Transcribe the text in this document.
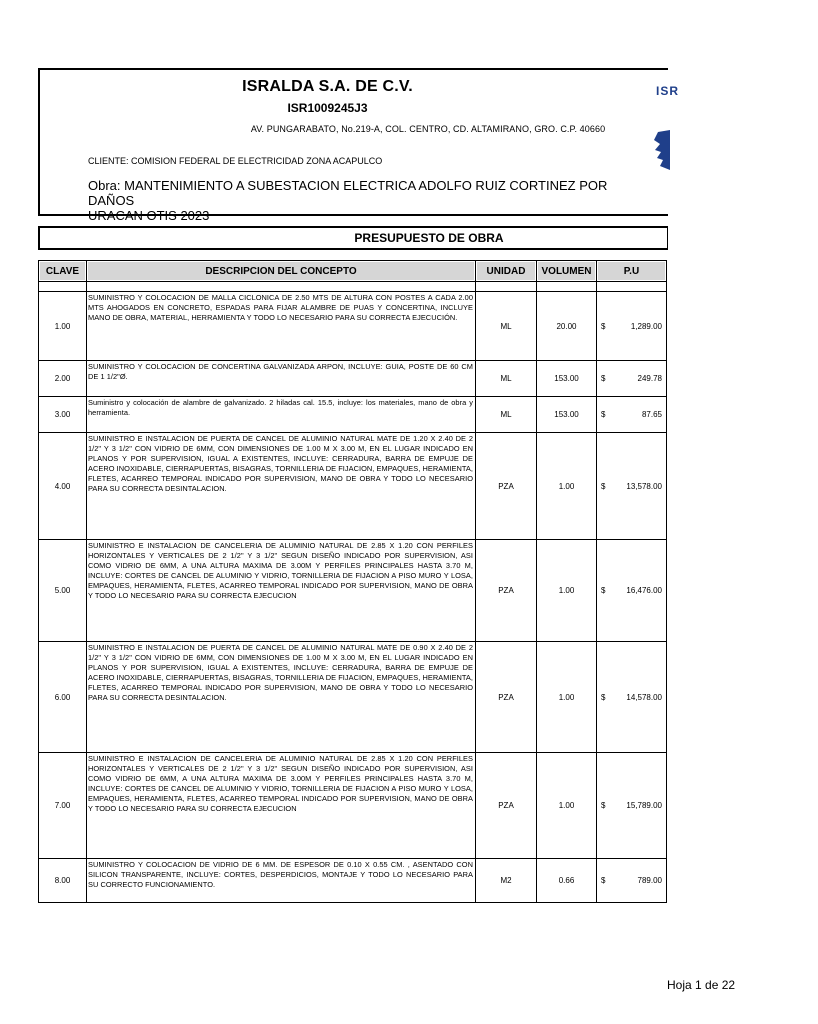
ISRALDA S.A. DE C.V.
ISR1009245J3
AV. PUNGARABATO, No.219-A, COL. CENTRO, CD. ALTAMIRANO, GRO. C.P. 40660
CLIENTE: COMISION FEDERAL DE ELECTRICIDAD ZONA ACAPULCO
Obra: MANTENIMIENTO A SUBESTACION ELECTRICA ADOLFO RUIZ CORTINEZ POR DAÑOS
URACAN OTIS 2023
ISR
PRESUPUESTO DE OBRA
CLAVE	DESCRIPCION DEL CONCEPTO	UNIDAD	VOLUMEN	P.U

1.00	SUMINISTRO Y COLOCACION DE MALLA CICLONICA DE 2.50 MTS DE ALTURA CON POSTES A CADA 2.00 MTS AHOGADOS EN CONCRETO, ESPADAS PARA FIJAR ALAMBRE DE PUAS Y CONCERTINA, INCLUYE MANO DE OBRA, MATERIAL, HERRAMIENTA Y TODO LO NECESARIO PARA SU CORRECTA EJECUCIÓN.	ML	20.00	$ 1,289.00

2.00	SUMINISTRO Y COLOCACION DE CONCERTINA GALVANIZADA ARPON, INCLUYE: GUIA, POSTE DE 60 CM DE 1 1/2"Ø.	ML	153.00	$ 249.78

3.00	Suministro y colocación de alambre de galvanizado. 2 hiladas cal. 15.5, incluye: los materiales, mano de obra y herramienta.	ML	153.00	$ 87.65

4.00	SUMINISTRO E INSTALACION DE PUERTA DE CANCEL DE ALUMINIO NATURAL MATE DE 1.20 X 2.40 DE 2 1/2" Y 3 1/2" CON VIDRIO DE 6MM, CON DIMENSIONES DE 1.00 M X 3.00 M, EN EL LUGAR INDICADO EN PLANOS Y POR SUPERVISION, IGUAL A EXISTENTES, INCLUYE: CERRADURA, BARRA DE EMPUJE DE ACERO INOXIDABLE, CIERRAPUERTAS, BISAGRAS, TORNILLERIA DE FIJACION, EMPAQUES, HERAMIENTA, FLETES, ACARREO TEMPORAL INDICADO POR SUPERVISION, MANO DE OBRA Y TODO LO NECESARIO PARA SU CORRECTA DESINTALACION.	PZA	1.00	$ 13,578.00

5.00	SUMINISTRO E INSTALACION DE CANCELERIA DE ALUMINIO NATURAL DE 2.85 X 1.20 CON PERFILES HORIZONTALES Y VERTICALES DE 2 1/2" Y 3 1/2" SEGUN DISEÑO INDICADO POR SUPERVISION, ASI COMO VIDRIO DE 6MM, A UNA ALTURA MAXIMA DE 3.00M Y PERFILES PRINCIPALES HASTA 3.70 M, INCLUYE: CORTES DE CANCEL DE ALUMINIO Y VIDRIO, TORNILLERIA DE FIJACION A PISO MURO Y LOSA, EMPAQUES, HERAMIENTA, FLETES, ACARREO TEMPORAL INDICADO POR SUPERVISION, MANO DE OBRA Y TODO LO NECESARIO PARA SU CORRECTA EJECUCION	PZA	1.00	$ 16,476.00

6.00	SUMINISTRO E INSTALACION DE PUERTA DE CANCEL DE ALUMINIO NATURAL MATE DE 0.90 X 2.40 DE 2 1/2" Y 3 1/2" CON VIDRIO DE 6MM, CON DIMENSIONES DE 1.00 M X 3.00 M, EN EL LUGAR INDICADO EN PLANOS Y POR SUPERVISION, IGUAL A EXISTENTES, INCLUYE: CERRADURA, BARRA DE EMPUJE DE ACERO INOXIDABLE, CIERRAPUERTAS, BISAGRAS, TORNILLERIA DE FIJACION, EMPAQUES, HERAMIENTA, FLETES, ACARREO TEMPORAL INDICADO POR SUPERVISION, MANO DE OBRA Y TODO LO NECESARIO PARA SU CORRECTA DESINTALACION.	PZA	1.00	$ 14,578.00

7.00	SUMINISTRO E INSTALACION DE CANCELERIA DE ALUMINIO NATURAL DE 2.85 X 1.20 CON PERFILES HORIZONTALES Y VERTICALES DE 2 1/2" Y 3 1/2" SEGUN DISEÑO INDICADO POR SUPERVISION, ASI COMO VIDRIO DE 6MM, A UNA ALTURA MAXIMA DE 3.00M Y PERFILES PRINCIPALES HASTA 3.70 M, INCLUYE: CORTES DE CANCEL DE ALUMINIO Y VIDRIO, TORNILLERIA DE FIJACION A PISO MURO Y LOSA, EMPAQUES, HERAMIENTA, FLETES, ACARREO TEMPORAL INDICADO POR SUPERVISION, MANO DE OBRA Y TODO LO NECESARIO PARA SU CORRECTA EJECUCION	PZA	1.00	$ 15,789.00

8.00	SUMINISTRO Y COLOCACION DE VIDRIO DE 6 MM. DE ESPESOR DE 0.10 X 0.55 CM. , ASENTADO CON SILICON TRANSPARENTE, INCLUYE: CORTES, DESPERDICIOS, MONTAJE Y TODO LO NECESARIO PARA SU CORRECTO FUNCIONAMIENTO.	M2	0.66	$ 789.00
Hoja 1 de 22
